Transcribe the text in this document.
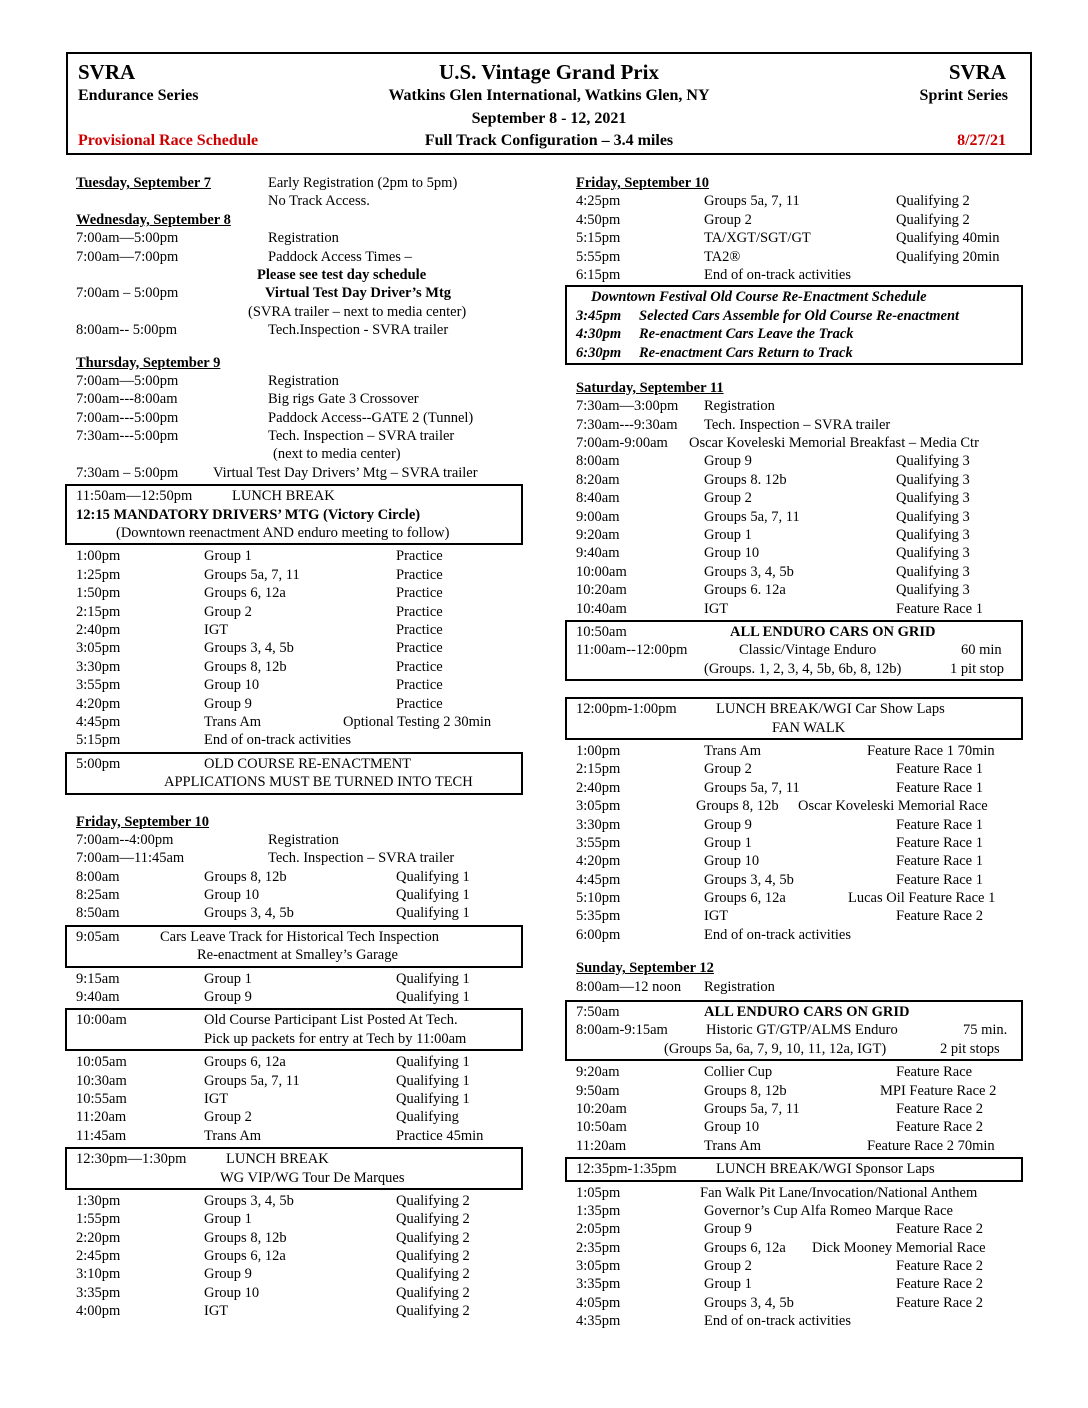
SVRA
Endurance Series
U.S. Vintage Grand Prix
Watkins Glen International, Watkins Glen, NY
September 8 - 12, 2021
Full Track Configuration – 3.4 miles
SVRA
Sprint Series
Provisional Race Schedule	8/27/21
Tuesday, September 7	Early Registration (2pm to 5pm)
No Track Access.
Wednesday, September 8
7:00am—5:00pm	Registration
7:00am—7:00pm	Paddock Access Times –
Please see test day schedule
7:00am – 5:00pm	Virtual Test Day Driver’s Mtg
(SVRA trailer – next to media center)
8:00am-- 5:00pm	Tech.Inspection - SVRA trailer
Thursday, September 9
7:00am—5:00pm	Registration
7:00am---8:00am	Big rigs Gate 3 Crossover
7:00am---5:00pm	Paddock Access--GATE 2 (Tunnel)
7:30am---5:00pm	Tech. Inspection – SVRA trailer
(next to media center)
7:30am – 5:00pm Virtual Test Day Drivers’ Mtg – SVRA trailer
11:50am—12:50pm	LUNCH BREAK
12:15 MANDATORY DRIVERS’ MTG (Victory Circle)
(Downtown reenactment AND enduro meeting to follow)
1:00pm	Group 1	Practice
1:25pm	Groups 5a, 7, 11	Practice
1:50pm	Groups 6, 12a	Practice
2:15pm	Group 2	Practice
2:40pm	IGT	Practice
3:05pm	Groups 3, 4, 5b	Practice
3:30pm	Groups 8, 12b	Practice
3:55pm	Group 10	Practice
4:20pm	Group 9	Practice
4:45pm	Trans Am	Optional Testing 2 30min
5:15pm	End of on-track activities
5:00pm	OLD COURSE RE-ENACTMENT
APPLICATIONS MUST BE TURNED INTO TECH
Friday, September 10
7:00am--4:00pm	Registration
7:00am—11:45am	Tech. Inspection – SVRA trailer
8:00am	Groups 8, 12b	Qualifying 1
8:25am	Group 10	Qualifying 1
8:50am	Groups 3, 4, 5b	Qualifying 1
9:05am	Cars Leave Track for Historical Tech Inspection
Re-enactment at Smalley’s Garage
9:15am	Group 1	Qualifying 1
9:40am	Group 9	Qualifying 1
10:00am	Old Course Participant List Posted At Tech.
Pick up packets for entry at Tech by 11:00am
10:05am	Groups 6, 12a	Qualifying 1
10:30am	Groups 5a, 7, 11	Qualifying 1
10:55am	IGT	Qualifying 1
11:20am	Group 2	Qualifying
11:45am	Trans Am	Practice 45min
12:30pm—1:30pm	LUNCH BREAK
WG VIP/WG Tour De Marques
1:30pm	Groups 3, 4, 5b	Qualifying 2
1:55pm	Group 1	Qualifying 2
2:20pm	Groups 8, 12b	Qualifying 2
2:45pm	Groups 6, 12a	Qualifying 2
3:10pm	Group 9	Qualifying 2
3:35pm	Group 10	Qualifying 2
4:00pm	IGT	Qualifying 2
Friday, September 10
4:25pm	Groups 5a, 7, 11	Qualifying 2
4:50pm	Group 2	Qualifying 2
5:15pm	TA/XGT/SGT/GT	Qualifying 40min
5:55pm	TA2®	Qualifying 20min
6:15pm	End of on-track activities
Downtown Festival Old Course Re-Enactment Schedule
3:45pm Selected Cars Assemble for Old Course Re-enactment
4:30pm Re-enactment Cars Leave the Track
6:30pm Re-enactment Cars Return to Track
Saturday, September 11
7:30am—3:00pm Registration
7:30am---9:30am Tech. Inspection – SVRA trailer
7:00am-9:00am Oscar Koveleski Memorial Breakfast – Media Ctr
8:00am	Group 9	Qualifying 3
8:20am	Groups 8. 12b	Qualifying 3
8:40am	Group 2	Qualifying 3
9:00am	Groups 5a, 7, 11	Qualifying 3
9:20am	Group 1	Qualifying 3
9:40am	Group 10	Qualifying 3
10:00am	Groups 3, 4, 5b	Qualifying 3
10:20am	Groups 6. 12a	Qualifying 3
10:40am	IGT	Feature Race 1
10:50am	ALL ENDURO CARS ON GRID
11:00am--12:00pm	Classic/Vintage Enduro	60 min
(Groups. 1, 2, 3, 4, 5b, 6b, 8, 12b)	1 pit stop
12:00pm-1:00pm	LUNCH BREAK/WGI Car Show Laps
FAN WALK
1:00pm	Trans Am	Feature Race 1 70min
2:15pm	Group 2	Feature Race 1
2:40pm	Groups 5a, 7, 11	Feature Race 1
3:05pm	Groups 8, 12b Oscar Koveleski Memorial Race
3:30pm	Group 9	Feature Race 1
3:55pm	Group 1	Feature Race 1
4:20pm	Group 10	Feature Race 1
4:45pm	Groups 3, 4, 5b	Feature Race 1
5:10pm	Groups 6, 12a	Lucas Oil Feature Race 1
5:35pm	IGT	Feature Race 2
6:00pm	End of on-track activities
Sunday, September 12
8:00am—12 noon Registration
7:50am	ALL ENDURO CARS ON GRID
8:00am-9:15am	Historic GT/GTP/ALMS Enduro	75 min.
(Groups 5a, 6a, 7, 9, 10, 11, 12a, IGT)	2 pit stops
9:20am	Collier Cup	Feature Race
9:50am	Groups 8, 12b	MPI Feature Race 2
10:20am	Groups 5a, 7, 11	Feature Race 2
10:50am	Group 10	Feature Race 2
11:20am	Trans Am	Feature Race 2 70min
12:35pm-1:35pm	LUNCH BREAK/WGI Sponsor Laps
1:05pm	Fan Walk Pit Lane/Invocation/National Anthem
1:35pm	Governor’s Cup Alfa Romeo Marque Race
2:05pm	Group 9	Feature Race 2
2:35pm	Groups 6, 12a Dick Mooney Memorial Race
3:05pm	Group 2	Feature Race 2
3:35pm	Group 1	Feature Race 2
4:05pm	Groups 3, 4, 5b	Feature Race 2
4:35pm	End of on-track activities
